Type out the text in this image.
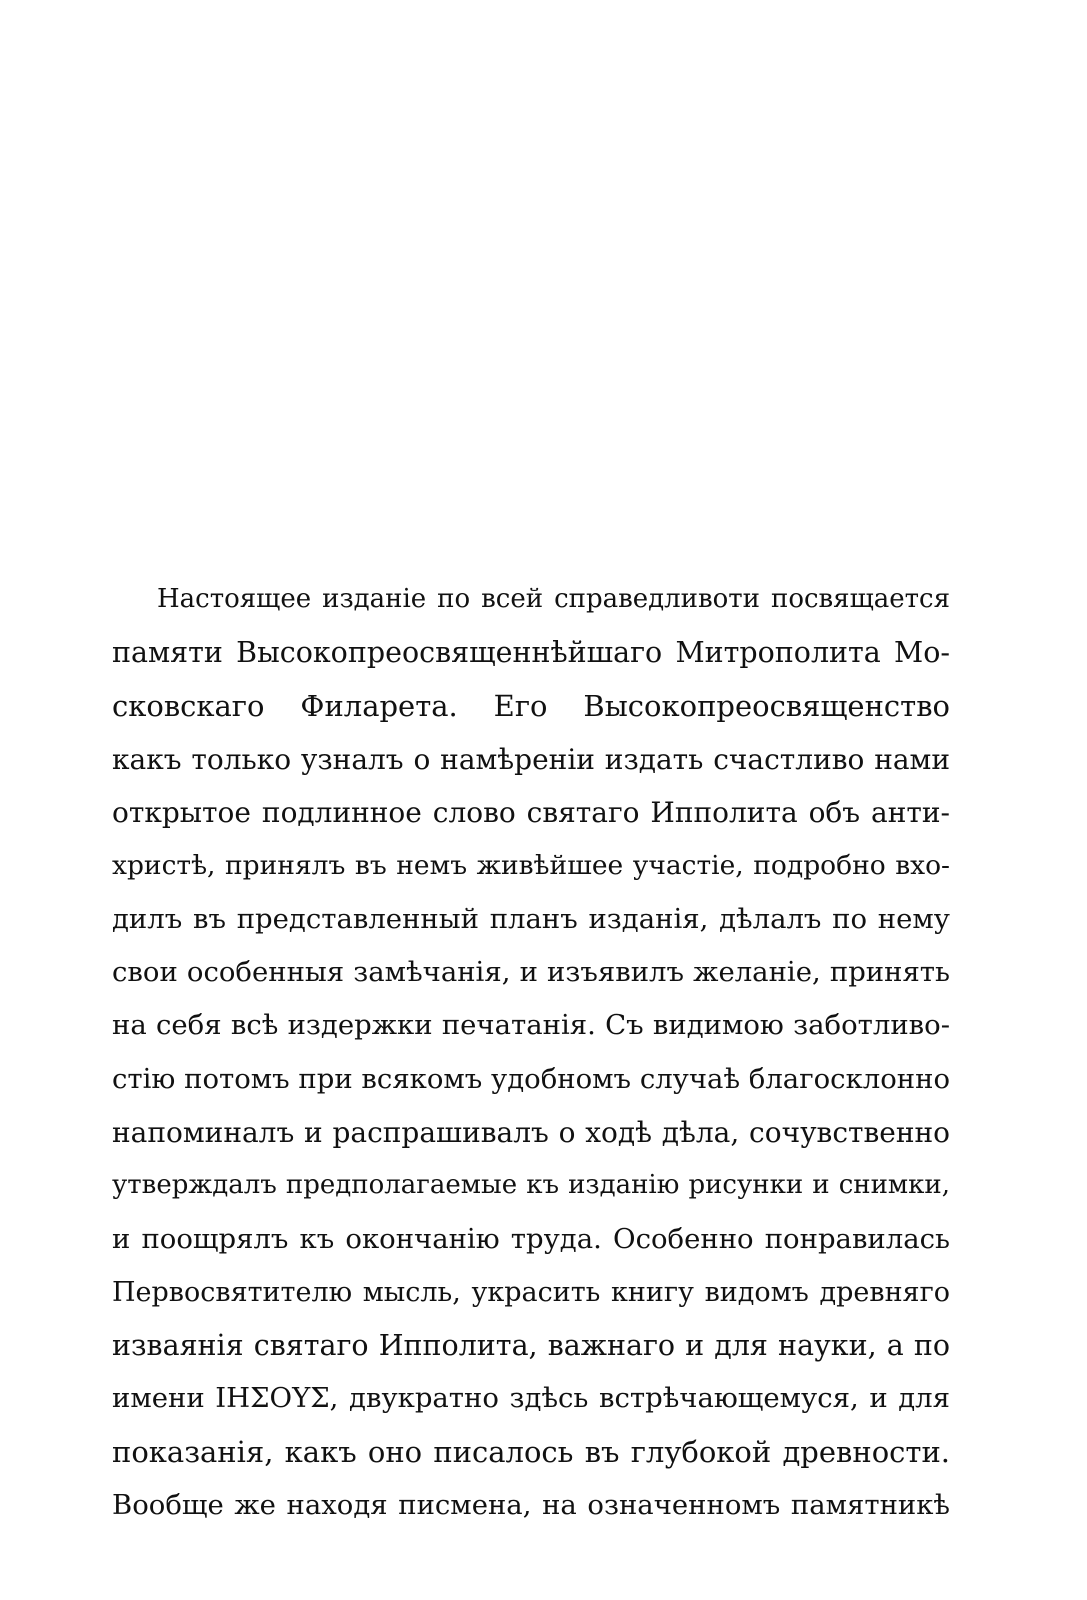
Настоящее изданіе по всей справедливоти посвящается
памяти Высокопреосвященнѣйшаго Митрополита Мо-
сковскаго Филарета. Его Высокопреосвященство
какъ только узналъ о намѣреніи издать счастливо нами
открытое подлинное слово святаго Ипполита объ анти-
христѣ, принялъ въ немъ живѣйшее участіе, подробно вхо-
дилъ въ представленный планъ изданія, дѣлалъ по нему
свои особенныя замѣчанія, и изъявилъ желаніе, принять
на себя всѣ издержки печатанія. Съ видимою заботливо-
стію потомъ при всякомъ удобномъ случаѣ благосклонно
напоминалъ и распрашивалъ о ходѣ дѣла, сочувственно
утверждалъ предполагаемые къ изданію рисунки и снимки,
и поощрялъ къ окончанію труда. Особенно понравилась
Первосвятителю мысль, украсить книгу видомъ древняго
изваянія святаго Ипполита, важнаго и для науки, а по
имени ІНΣОΥΣ, двукратно здѣсь встрѣчающемуся, и для
показанія, какъ оно писалось въ глубокой древности.
Вообще же находя писмена, на означенномъ памятникѣ
